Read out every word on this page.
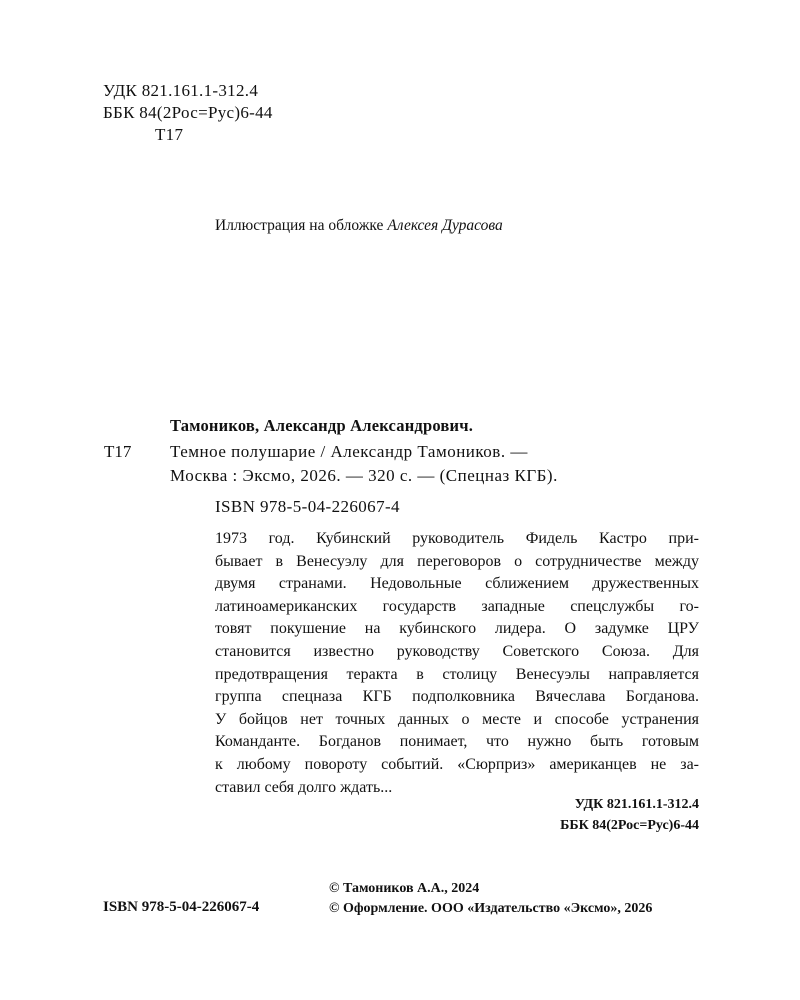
УДК 821.161.1-312.4
ББК 84(2Рос=Рус)6-44
Т17
Иллюстрация на обложке Алексея Дурасова
Тамоников, Александр Александрович.
Т17 Темное полушарие / Александр Тамоников. —
Москва : Эксмо, 2026. — 320 с. — (Спецназ КГБ).
ISBN 978-5-04-226067-4
1973 год. Кубинский руководитель Фидель Кастро при-
бывает в Венесуэлу для переговоров о сотрудничестве между
двумя странами. Недовольные сближением дружественных
латиноамериканских государств западные спецслужбы го-
товят покушение на кубинского лидера. О задумке ЦРУ
становится известно руководству Советского Союза. Для
предотвращения теракта в столицу Венесуэлы направляется
группа спецназа КГБ подполковника Вячеслава Богданова.
У бойцов нет точных данных о месте и способе устранения
Команданте. Богданов понимает, что нужно быть готовым
к любому повороту событий. «Сюрприз» американцев не за-
ставил себя долго ждать...
УДК 821.161.1-312.4
ББК 84(2Рос=Рус)6-44
© Тамоников А.А., 2024
© Оформление. ООО «Издательство «Эксмо», 2026
ISBN 978-5-04-226067-4
